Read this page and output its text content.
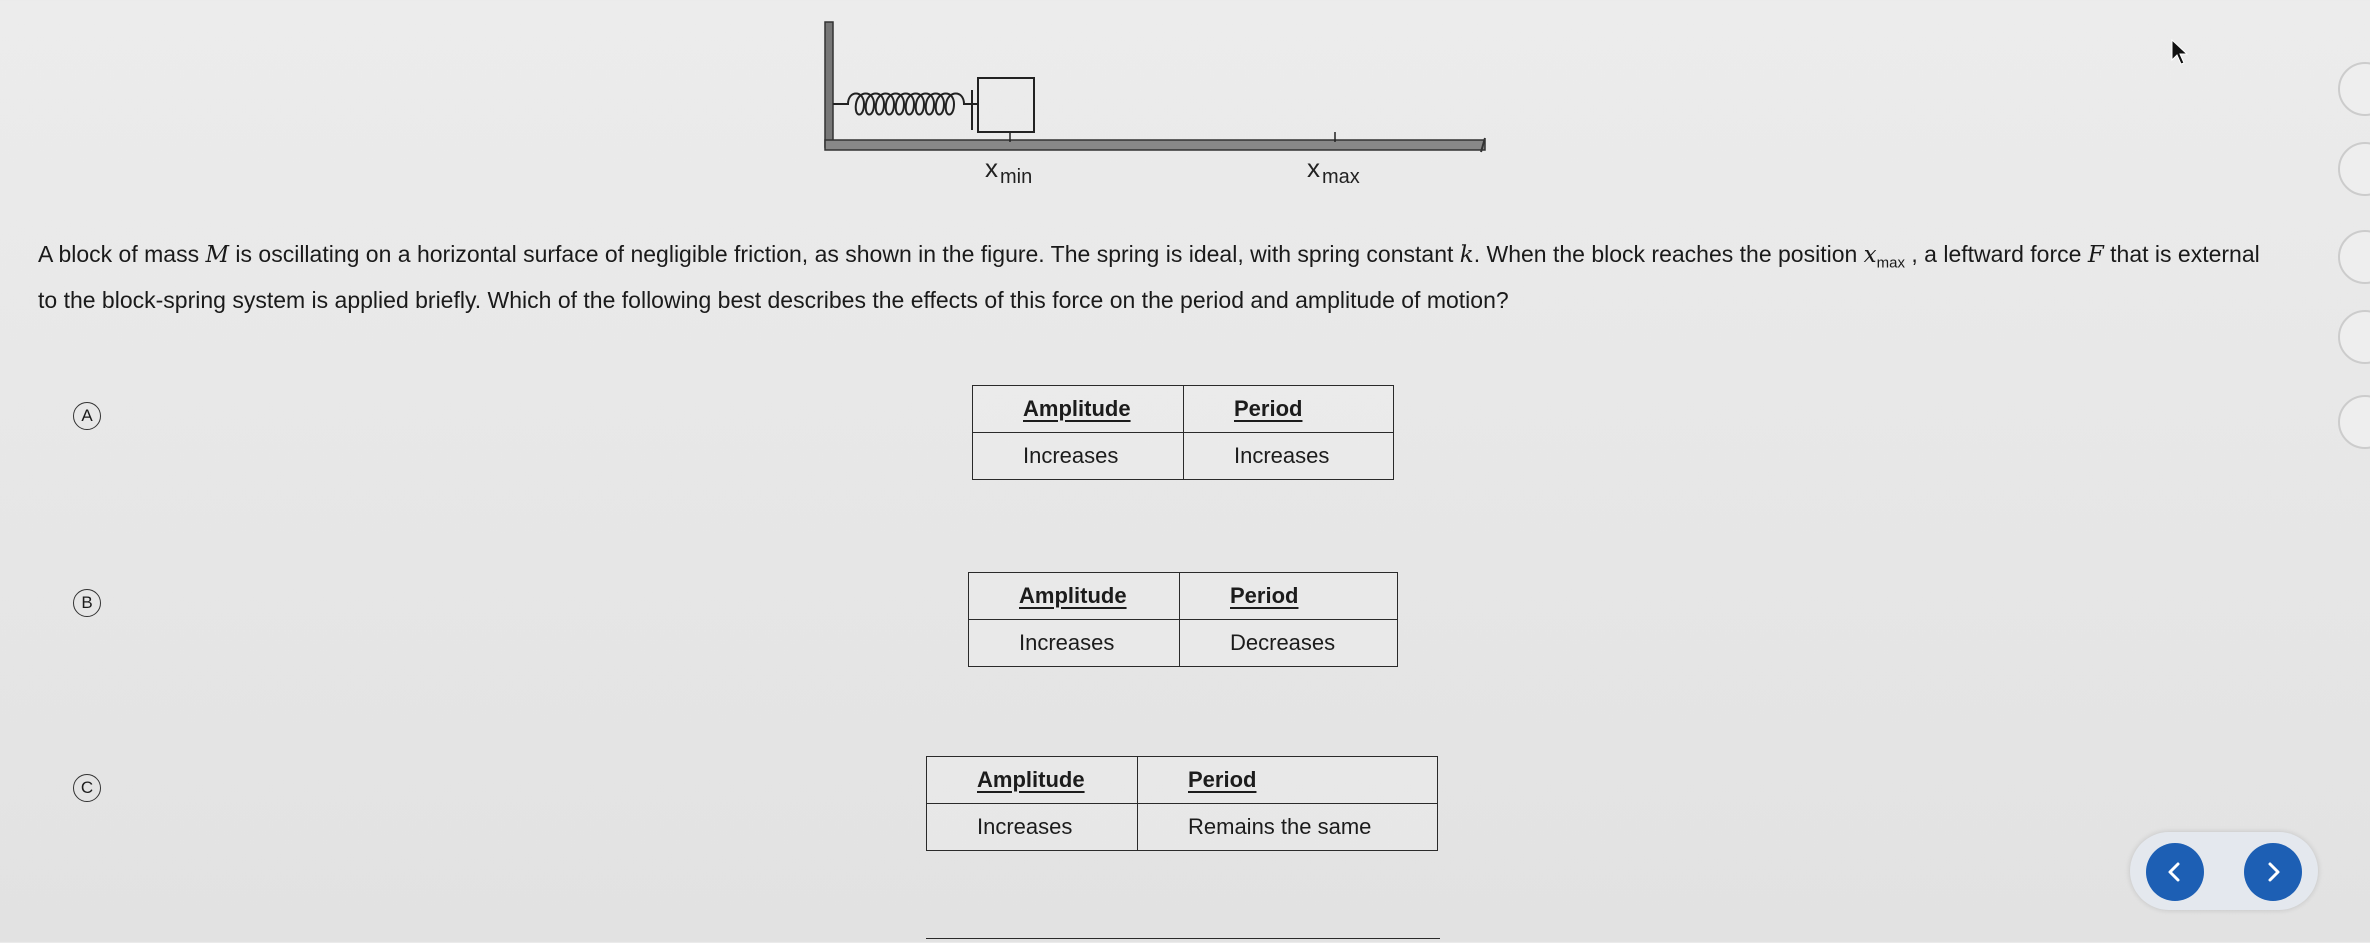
x min	x max
A block of mass M is oscillating on a horizontal surface of negligible friction, as shown in the figure. The spring is ideal, with spring constant k. When the block reaches the position $x_{max}$ , a leftward force F that is external to the block-spring system is applied briefly. Which of the following best describes the effects of this force on the period and amplitude of motion?
A	Amplitude	Period
Increases	Increases
B	Amplitude	Period
Increases	Decreases
C	Amplitude	Period
Increases	Remains the same
